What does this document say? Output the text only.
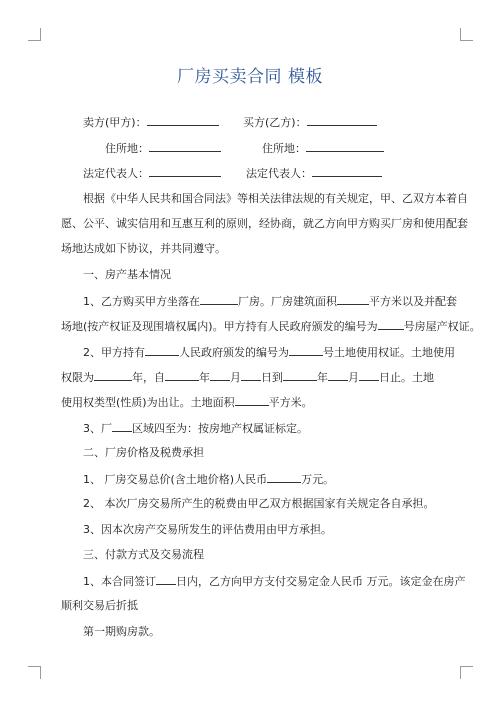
厂房买卖合同 模板
卖方(甲方)：	买方(乙方)：
住所地：	住所地：
法定代表人：	法定代表人：
根据《中华人民共和国合同法》等相关法律法规的有关规定，甲、乙双方本着自
愿、公平、诚实信用和互惠互利的原则，经协商，就乙方向甲方购买厂房和使用配套
场地达成如下协议，并共同遵守。
一、房产基本情况
1、乙方购买甲方坐落在	厂房。厂房建筑面积	平方米以及并配套
场地(按产权证及现围墙权属内)。甲方持有人民政府颁发的编号为 号房屋产权证。
2、甲方持有	人民政府颁发的编号为	号土地使用权证。土地使用
权限为	年，自	年 月 日到	年 月 日止。土地
使用权类型(性质)为出让。土地面积	平方米。
3、厂 区域四至为：按房地产权属证标定。
二、厂房价格及税费承担
1、 厂房交易总价(含土地价格)人民币	万元。
2、 本次厂房交易所产生的税费由甲乙双方根据国家有关规定各自承担。
3、因本次房产交易所发生的评估费用由甲方承担。
三、付款方式及交易流程
1、本合同签订 日内，乙方向甲方支付交易定金人民币 万元。该定金在房产
顺利交易后折抵
第一期购房款。
